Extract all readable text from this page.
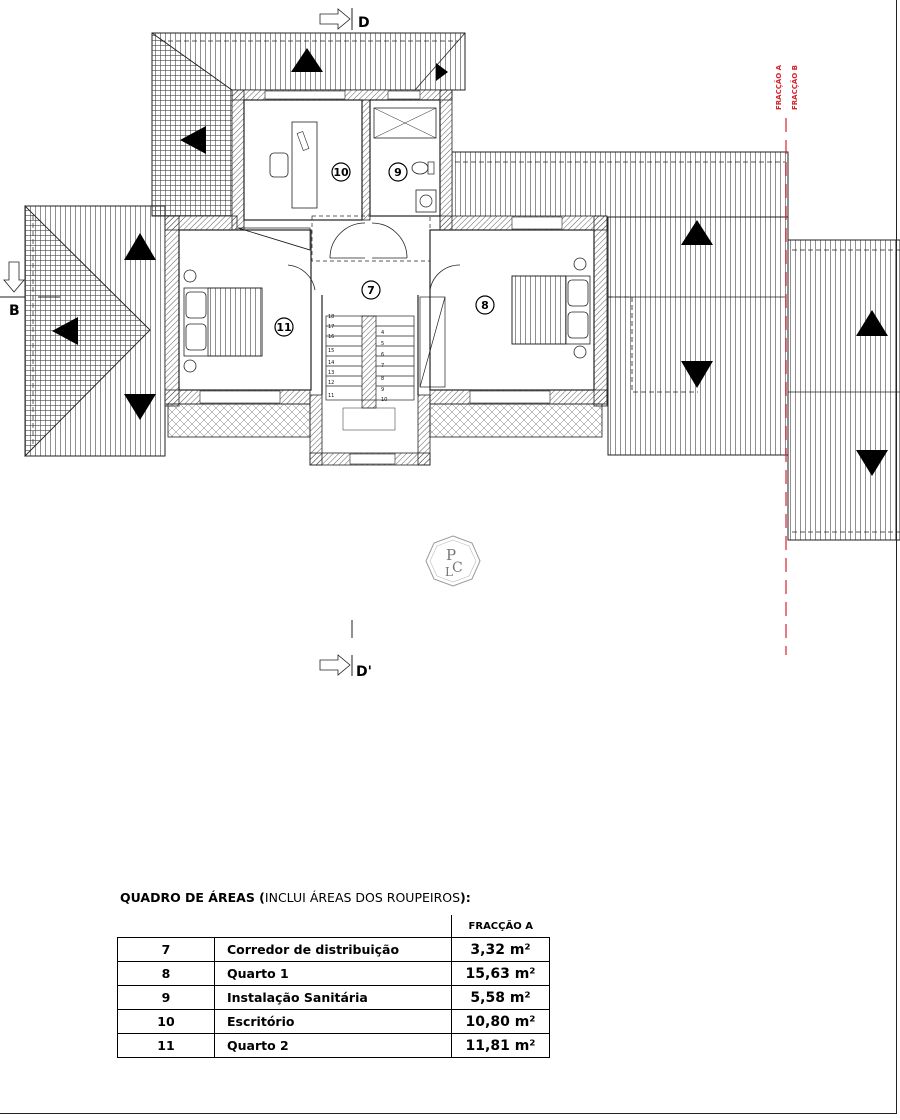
18
17
16
15
14
13
12
11
4
5
6
7
8
9
10
10	9
7
8
11
FRACÇÃO A FRACÇÃO B
D
D'
B
P
L C
QUADRO DE ÁREAS (INCLUI ÁREAS DOS ROUPEIROS):
		FRACÇÃO A
7	Corredor de distribuição	3,32 m²
8	Quarto 1	15,63 m²
9	Instalação Sanitária	5,58 m²
10	Escritório	10,80 m²
11	Quarto 2	11,81 m²
